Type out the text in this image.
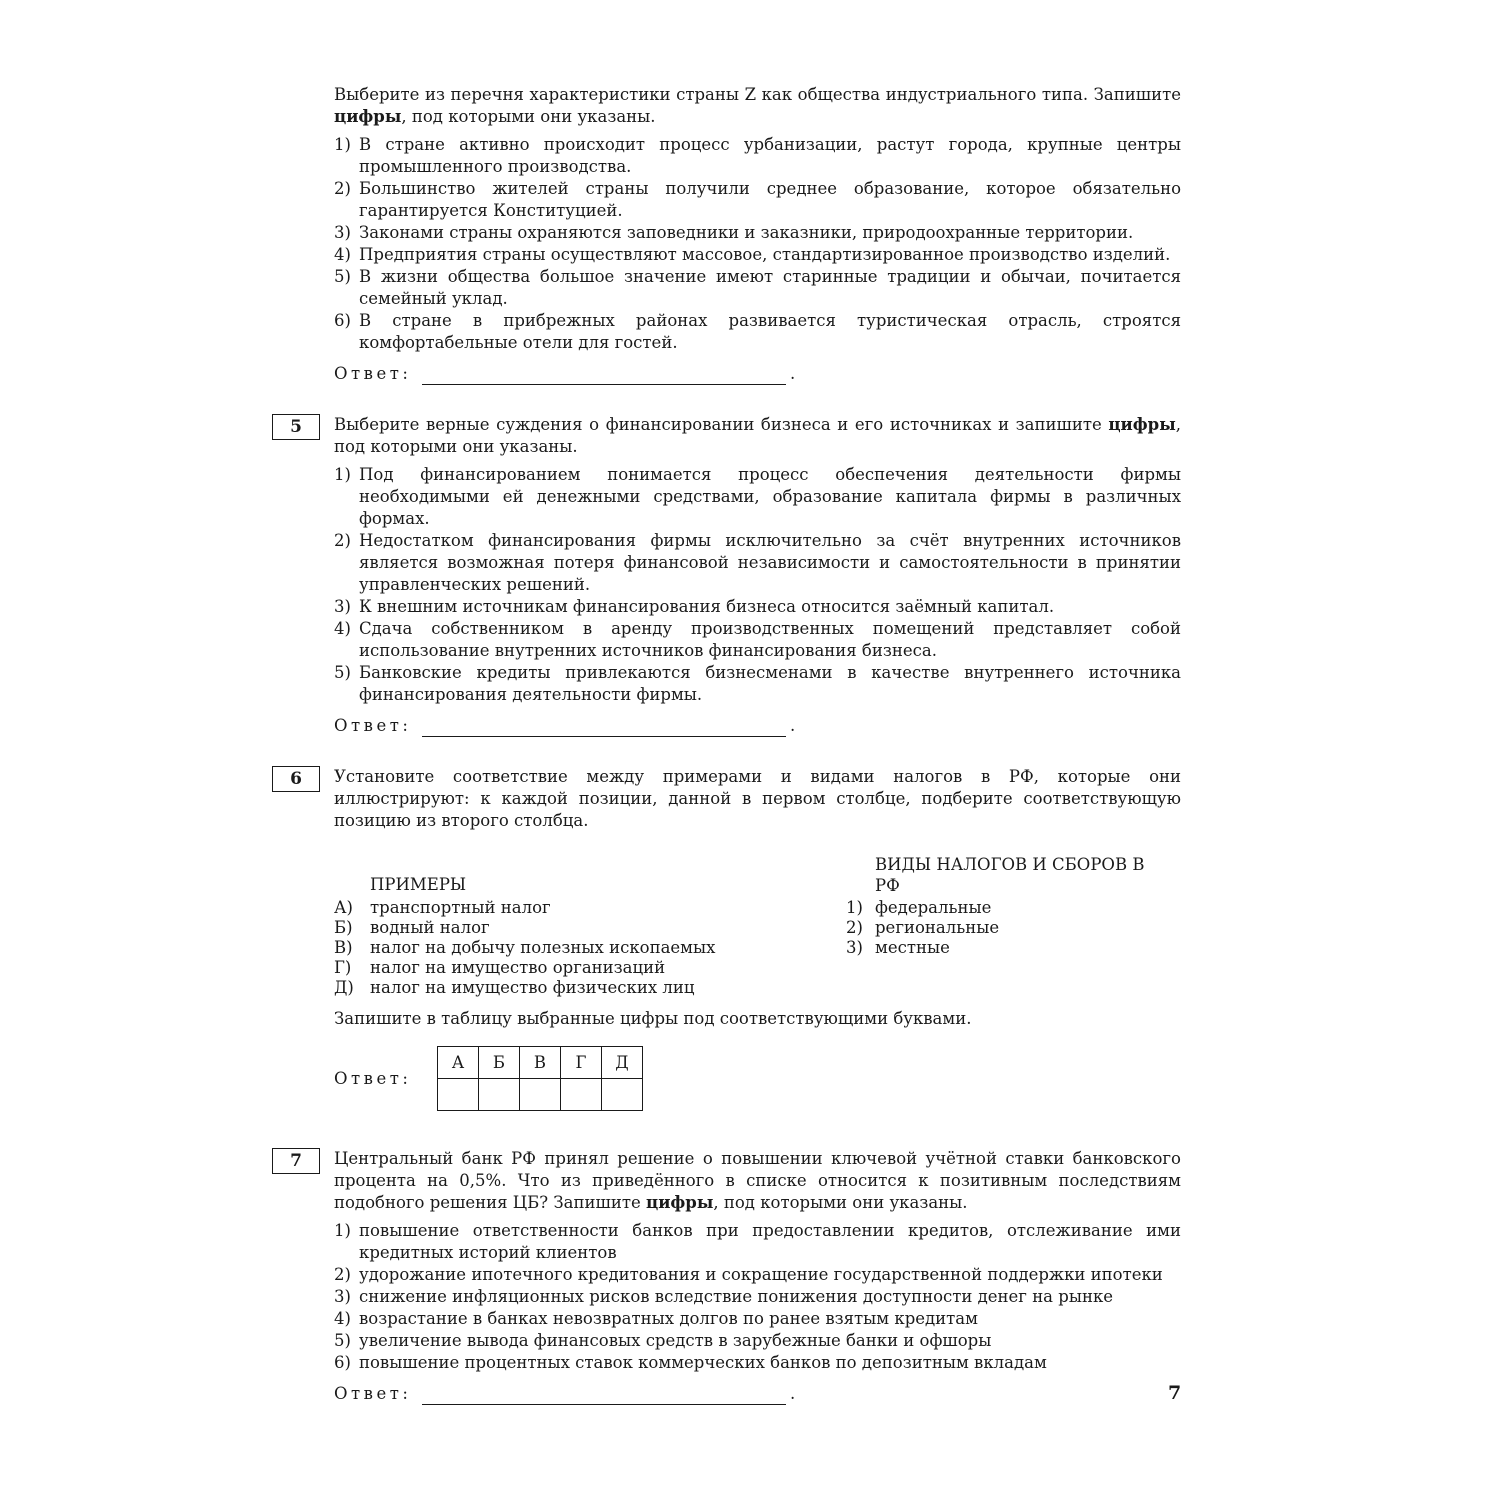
Выберите из перечня характеристики страны Z как общества индустриального типа. Запишите цифры, под которыми они указаны.

1) В стране активно происходит процесс урбанизации, растут города, крупные центры промышленного производства.
2) Большинство жителей страны получили среднее образование, которое обязательно гарантируется Конституцией.
3) Законами страны охраняются заповедники и заказники, природоохранные территории.
4) Предприятия страны осуществляют массовое, стандартизированное производство изделий.
5) В жизни общества большое значение имеют старинные традиции и обычаи, почитается семейный уклад.
6) В стране в прибрежных районах развивается туристическая отрасль, строятся комфортабельные отели для гостей.
Ответ:	.
5	Выберите верные суждения о финансировании бизнеса и его источниках и запишите цифры, под которыми они указаны.

1) Под финансированием понимается процесс обеспечения деятельности фирмы необходимыми ей денежными средствами, образование капитала фирмы в различных формах.
2) Недостатком финансирования фирмы исключительно за счёт внутренних источников является возможная потеря финансовой независимости и самостоятельности в принятии управленческих решений.
3) К внешним источникам финансирования бизнеса относится заёмный капитал.
4) Сдача собственником в аренду производственных помещений представляет собой использование внутренних источников финансирования бизнеса.
5) Банковские кредиты привлекаются бизнесменами в качестве внутреннего источника финансирования деятельности фирмы.
Ответ:	.
6	Установите соответствие между примерами и видами налогов в РФ, которые они иллюстрируют: к каждой позиции, данной в первом столбце, подберите соответствующую позицию из второго столбца.

ПРИМЕРЫ
А)	транспортный налог
Б)	водный налог
В)	налог на добычу полезных ископаемых
Г)	налог на имущество организаций
Д) налог на имущество физических лиц
ВИДЫ НАЛОГОВ И СБОРОВ В РФ
1) федеральные
2) региональные
3) местные

Запишите в таблицу выбранные цифры под соответствующими буквами.

Ответ:
А	Б	В	Г	Д

7	Центральный банк РФ принял решение о повышении ключевой учётной ставки банковского процента на 0,5%. Что из приведённого в списке относится к позитивным последствиям подобного решения ЦБ? Запишите цифры, под которыми они указаны.

1) повышение ответственности банков при предоставлении кредитов, отслеживание ими кредитных историй клиентов
2) удорожание ипотечного кредитования и сокращение государственной поддержки ипотеки
3) снижение инфляционных рисков вследствие понижения доступности денег на рынке
4) возрастание в банках невозвратных долгов по ранее взятым кредитам
5) увеличение вывода финансовых средств в зарубежные банки и офшоры
6) повышение процентных ставок коммерческих банков по депозитным вкладам
Ответ:	.	7
